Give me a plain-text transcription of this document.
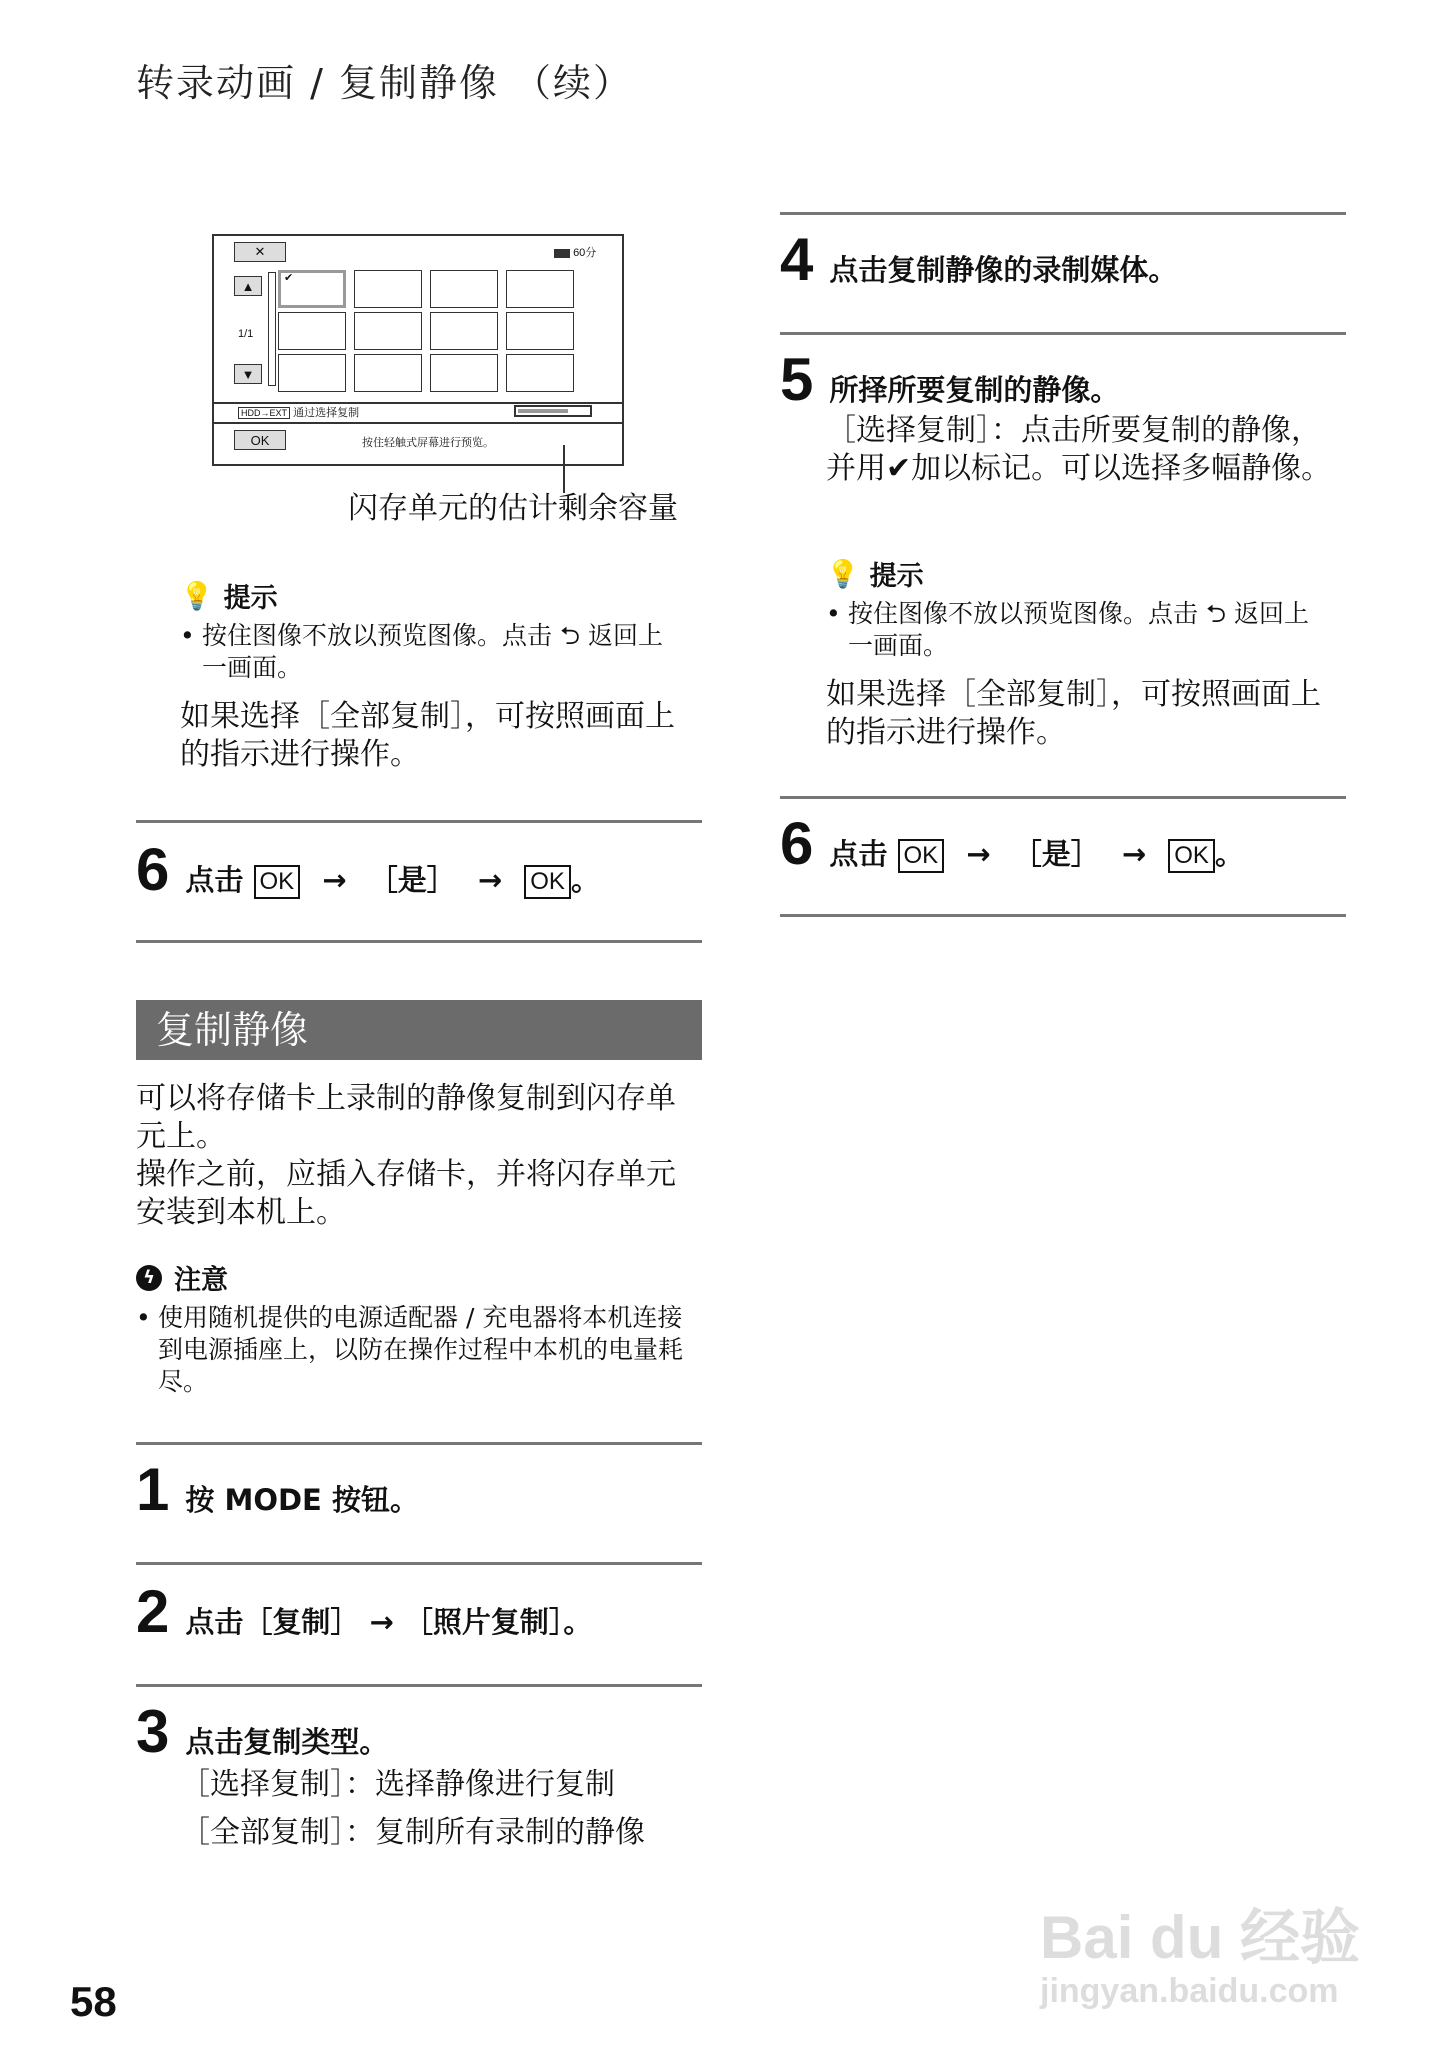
转录动画 / 复制静像 （续）
✕	60分
▲
1/1
▼
✔
HDD→EXT 通过选择复制
OK	按住轻触式屏幕进行预览。
闪存单元的估计剩余容量
💡 提示
• 按住图像不放以预览图像。点击 ⮌ 返回上一画面。
如果选择［全部复制］，可按照画面上的指示进行操作。
6 点击 OK → ［是］ → OK 。
复制静像
可以将存储卡上录制的静像复制到闪存单元上。
操作之前，应插入存储卡，并将闪存单元安装到本机上。
ϟ 注意
• 使用随机提供的电源适配器 / 充电器将本机连接到电源插座上，以防在操作过程中本机的电量耗尽。
1 按 MODE 按钮。
2 点击［复制］ → ［照片复制］。
3 点击复制类型。
［选择复制］：选择静像进行复制
［全部复制］：复制所有录制的静像
4 点击复制静像的录制媒体。
5 所择所要复制的静像。
［选择复制］：点击所要复制的静像，并用✔加以标记。可以选择多幅静像。
💡 提示
• 按住图像不放以预览图像。点击 ⮌ 返回上一画面。
如果选择［全部复制］，可按照画面上的指示进行操作。
6 点击 OK → ［是］ → OK 。
58
Bai du 经验
jingyan.baidu.com
